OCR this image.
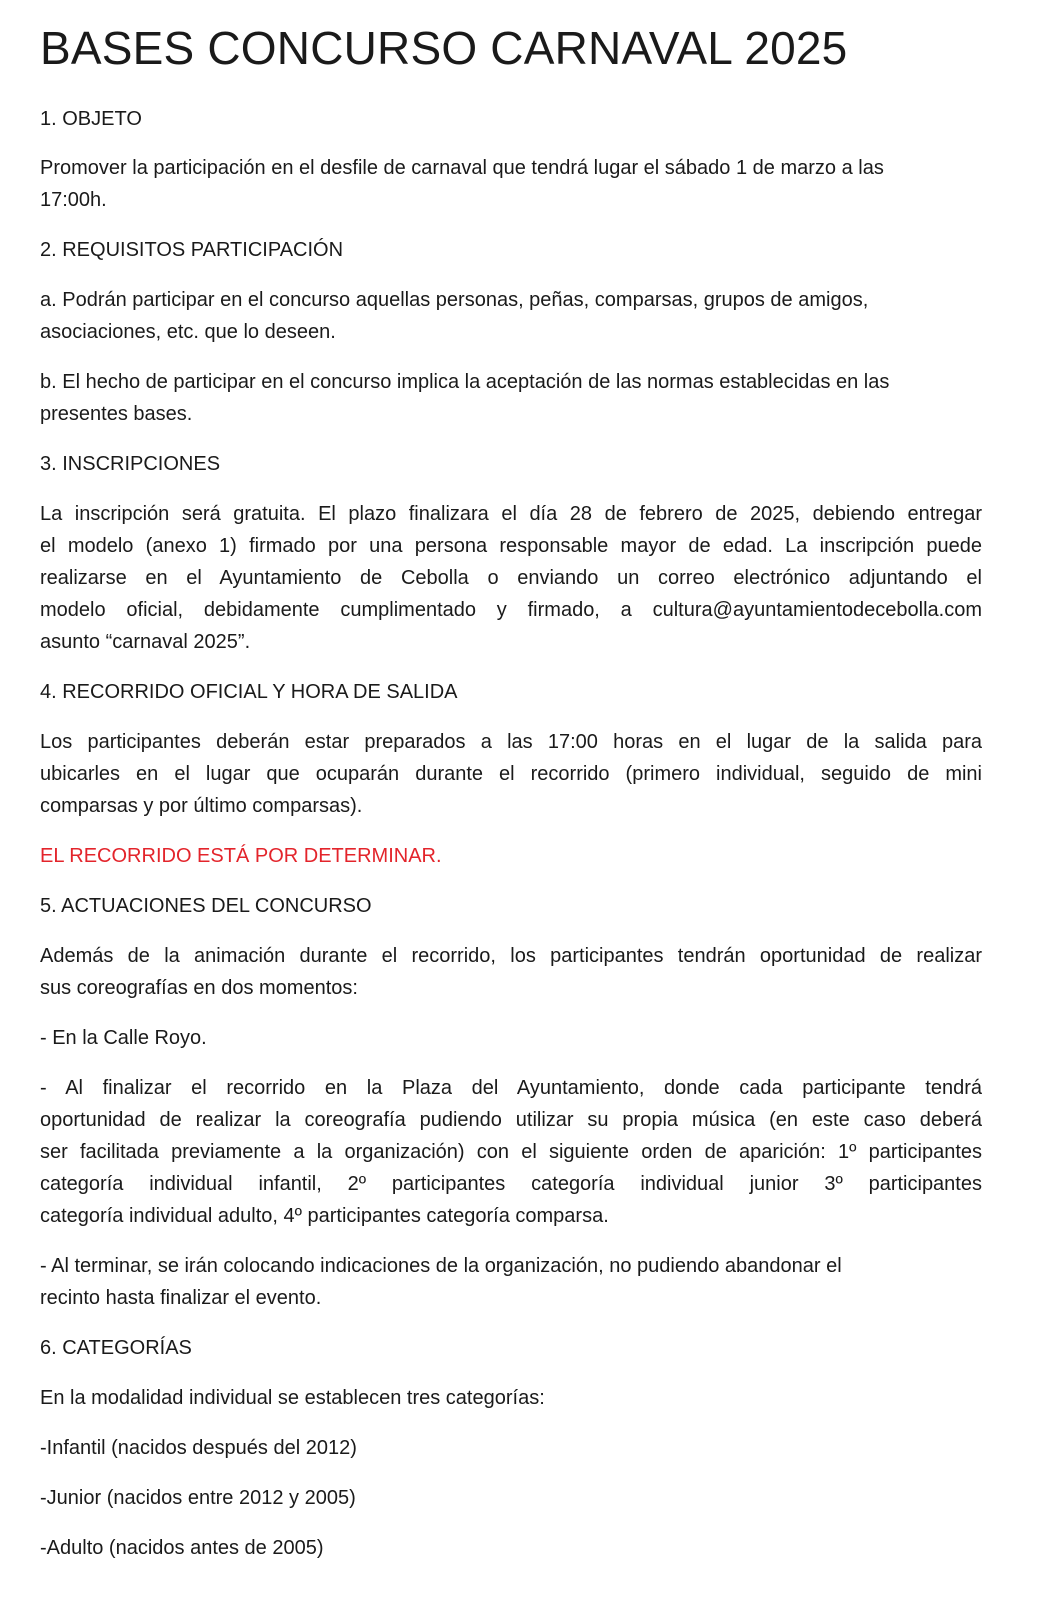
BASES CONCURSO CARNAVAL 2025

1. OBJETO

Promover la participación en el desfile de carnaval que tendrá lugar el sábado 1 de marzo a las

17:00h.

2. REQUISITOS PARTICIPACIÓN

a. Podrán participar en el concurso aquellas personas, peñas, comparsas, grupos de amigos,

asociaciones, etc. que lo deseen.

b. El hecho de participar en el concurso implica la aceptación de las normas establecidas en las

presentes bases.

3. INSCRIPCIONES

La inscripción será gratuita. El plazo finalizara el día 28 de febrero de 2025, debiendo entregar

el modelo (anexo 1) firmado por una persona responsable mayor de edad. La inscripción puede

realizarse en el Ayuntamiento de Cebolla o enviando un correo electrónico adjuntando el

modelo oficial, debidamente cumplimentado y firmado, a cultura@ayuntamientodecebolla.com

asunto “carnaval 2025”.

4. RECORRIDO OFICIAL Y HORA DE SALIDA

Los participantes deberán estar preparados a las 17:00 horas en el lugar de la salida para

ubicarles en el lugar que ocuparán durante el recorrido (primero individual, seguido de mini

comparsas y por último comparsas).

EL RECORRIDO ESTÁ POR DETERMINAR.

5. ACTUACIONES DEL CONCURSO

Además de la animación durante el recorrido, los participantes tendrán oportunidad de realizar

sus coreografías en dos momentos:

- En la Calle Royo.

- Al finalizar el recorrido en la Plaza del Ayuntamiento, donde cada participante tendrá

oportunidad de realizar la coreografía pudiendo utilizar su propia música (en este caso deberá

ser facilitada previamente a la organización) con el siguiente orden de aparición: 1º participantes

categoría individual infantil, 2º participantes categoría individual junior 3º participantes

categoría individual adulto, 4º participantes categoría comparsa.

- Al terminar, se irán colocando indicaciones de la organización, no pudiendo abandonar el

recinto hasta finalizar el evento.

6. CATEGORÍAS

En la modalidad individual se establecen tres categorías:

-Infantil (nacidos después del 2012)

-Junior (nacidos entre 2012 y 2005)

-Adulto (nacidos antes de 2005)
